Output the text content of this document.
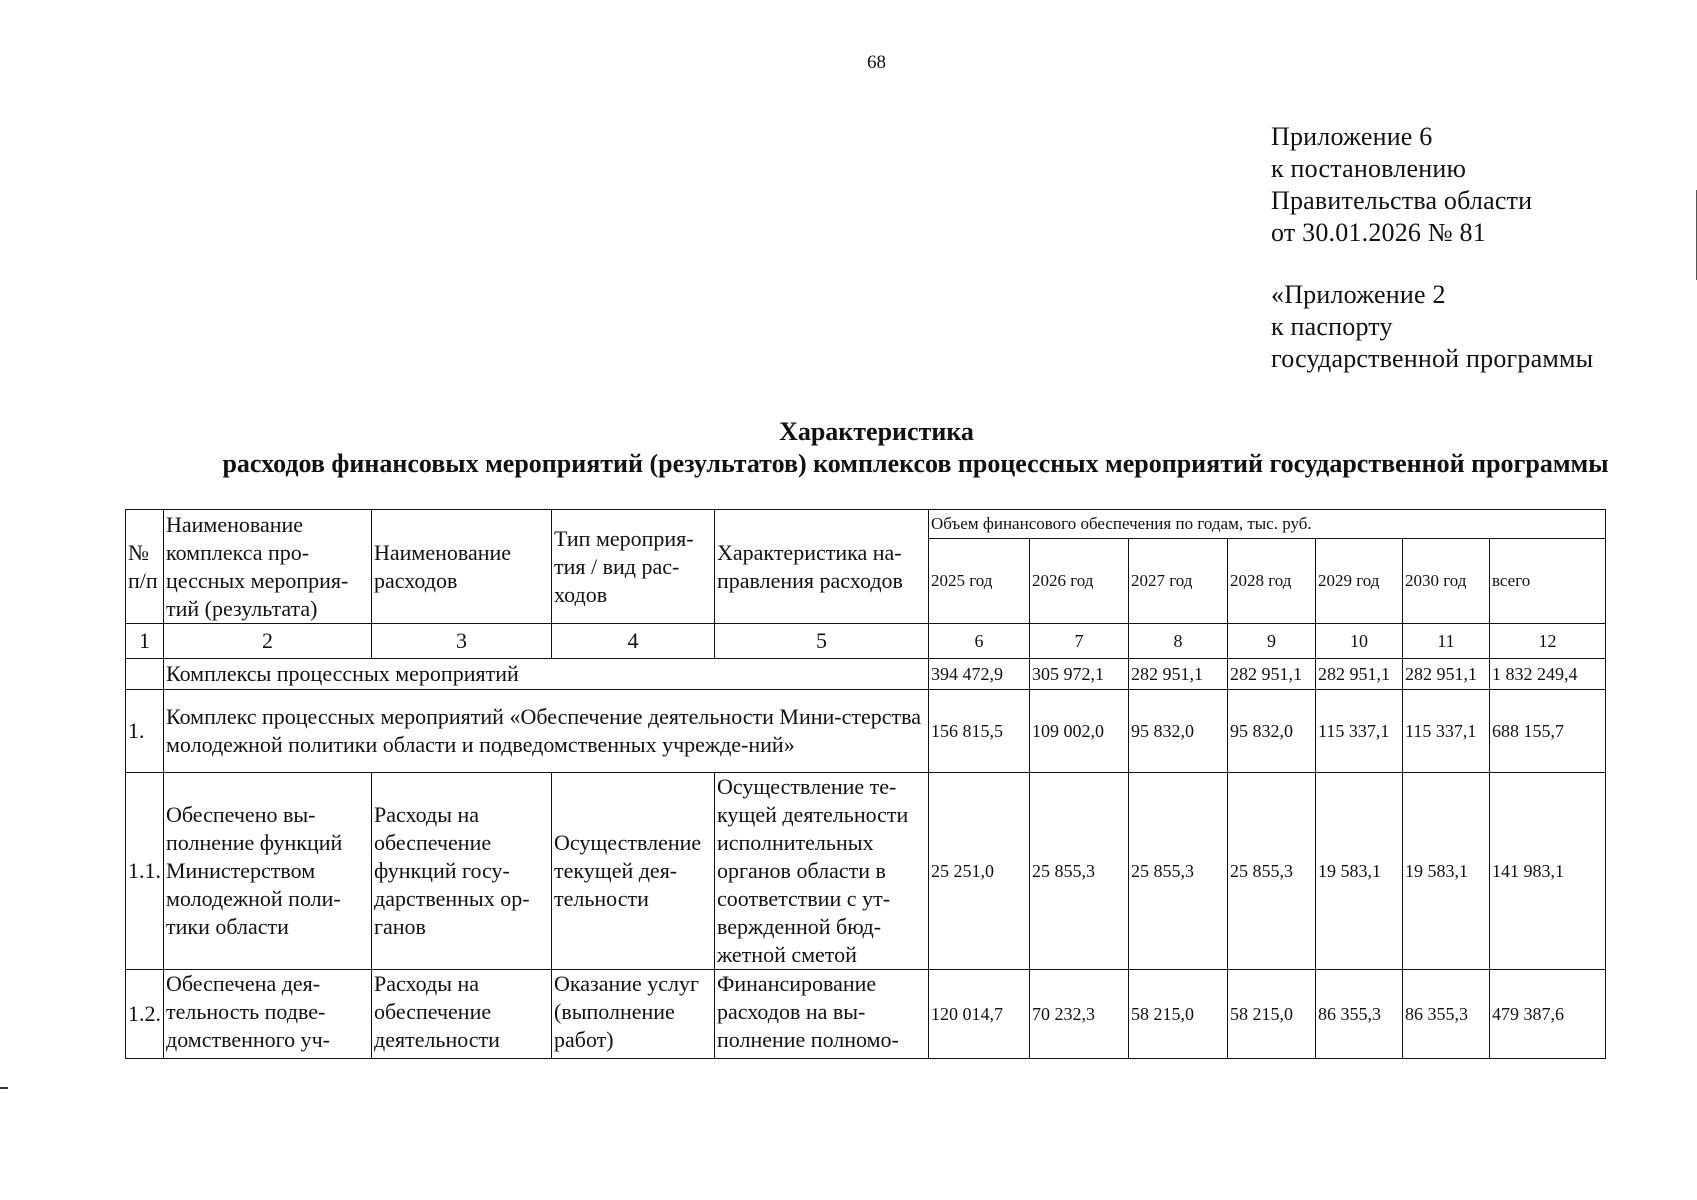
68
Приложение 6
к постановлению
Правительства области
от 30.01.2026 № 81
«Приложение 2
к паспорту
государственной программы
Характеристика
расходов финансовых мероприятий (результатов) комплексов процессных мероприятий государственной программы
№ п/п	Наименование комплекса про-цессных мероприя-тий (результата)	Наименование расходов	Тип мероприя-тия / вид рас-ходов	Характеристика на-правления расходов	Объем финансового обеспечения по годам, тыс. руб.						
					2025 год	2026 год	2027 год	2028 год	2029 год	2030 год	всего
1	2	3	4	5	6	7	8	9	10	11	12
	Комплексы процессных мероприятий				394 472,9	305 972,1	282 951,1	282 951,1	282 951,1	282 951,1	1 832 249,4
1.	Комплекс процессных мероприятий «Обеспечение деятельности Мини-стерства молодежной политики области и подведомственных учрежде-ний»				156 815,5	109 002,0	95 832,0	95 832,0	115 337,1	115 337,1	688 155,7
1.1.	Обеспечено вы-полнение функций Министерством молодежной поли-тики области	Расходы на обеспечение функций госу-дарственных ор-ганов	Осуществление текущей дея-тельности	Осуществление те-кущей деятельности исполнительных органов области в соответствии с ут-вержденной бюд-жетной сметой	25 251,0	25 855,3	25 855,3	25 855,3	19 583,1	19 583,1	141 983,1
1.2.	Обеспечена дея-тельность подве-домственного уч-	Расходы на обеспечение деятельности	Оказание услуг (выполнение работ)	Финансирование расходов на вы-полнение полномо-	120 014,7	70 232,3	58 215,0	58 215,0	86 355,3	86 355,3	479 387,6
